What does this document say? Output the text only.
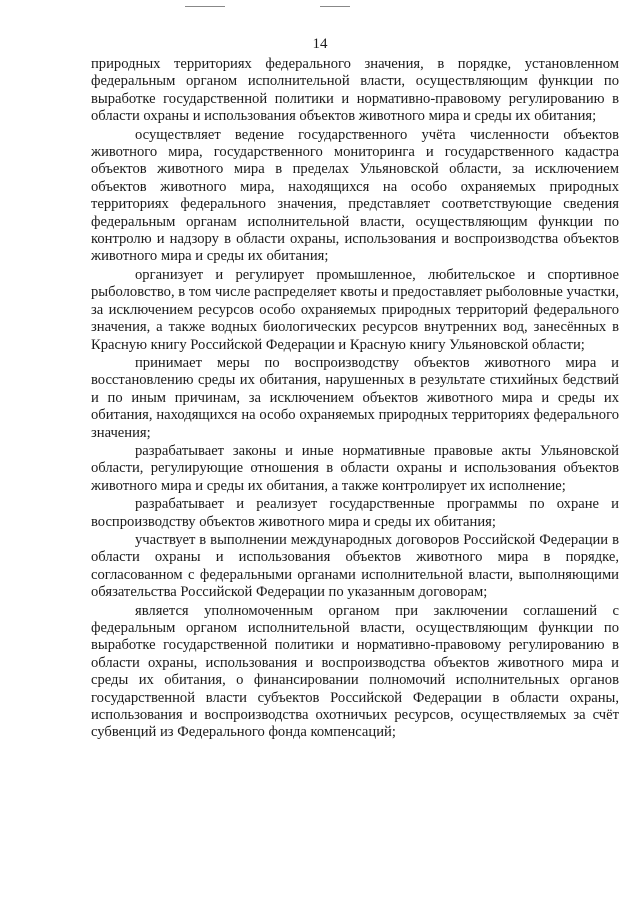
14

природных территориях федерального значения, в порядке, установленном федеральным органом исполнительной власти, осуществляющим функции по выработке государственной политики и нормативно-правовому регулированию в области охраны и использования объектов животного мира и среды их обитания;

осуществляет ведение государственного учёта численности объектов животного мира, государственного мониторинга и государственного кадастра объектов животного мира в пределах Ульяновской области, за исключением объектов животного мира, находящихся на особо охраняемых природных территориях федерального значения, представляет соответствующие сведения федеральным органам исполнительной власти, осуществляющим функции по контролю и надзору в области охраны, использования и воспроизводства объектов животного мира и среды их обитания;

организует и регулирует промышленное, любительское и спортивное рыболовство, в том числе распределяет квоты и предоставляет рыболовные участки, за исключением ресурсов особо охраняемых природных территорий федерального значения, а также водных биологических ресурсов внутренних вод, занесённых в Красную книгу Российской Федерации и Красную книгу Ульяновской области;

принимает меры по воспроизводству объектов животного мира и восстановлению среды их обитания, нарушенных в результате стихийных бедствий и по иным причинам, за исключением объектов животного мира и среды их обитания, находящихся на особо охраняемых природных территориях федерального значения;

разрабатывает законы и иные нормативные правовые акты Ульяновской области, регулирующие отношения в области охраны и использования объектов животного мира и среды их обитания, а также контролирует их исполнение;

разрабатывает и реализует государственные программы по охране и воспроизводству объектов животного мира и среды их обитания;

участвует в выполнении международных договоров Российской Федерации в области охраны и использования объектов животного мира в порядке, согласованном с федеральными органами исполнительной власти, выполняющими обязательства Российской Федерации по указанным договорам;

является уполномоченным органом при заключении соглашений с федеральным органом исполнительной власти, осуществляющим функции по выработке государственной политики и нормативно-правовому регулированию в области охраны, использования и воспроизводства объектов животного мира и среды их обитания, о финансировании полномочий исполнительных органов государственной власти субъектов Российской Федерации в области охраны, использования и воспроизводства охотничьих ресурсов, осуществляемых за счёт субвенций из Федерального фонда компенсаций;
